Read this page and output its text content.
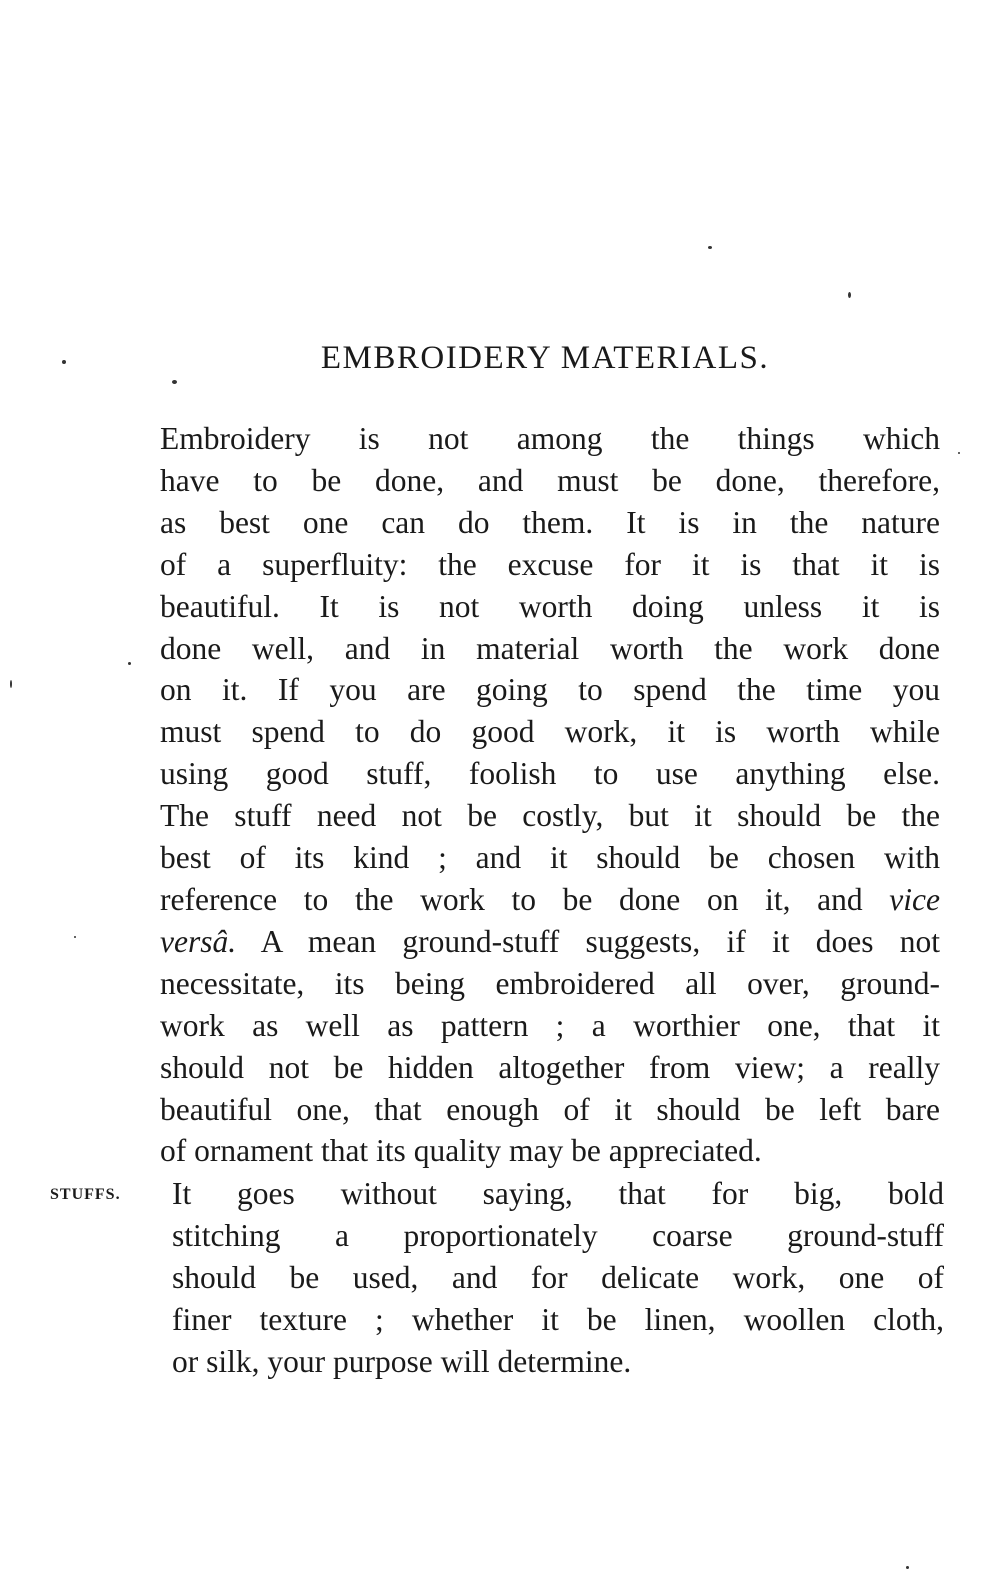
EMBROIDERY MATERIALS.
Embroidery is not among the things which
have to be done, and must be done, therefore,
as best one can do them. It is in the nature
of a superfluity: the excuse for it is that it is
beautiful. It is not worth doing unless it is
done well, and in material worth the work done
on it. If you are going to spend the time you
must spend to do good work, it is worth while
using good stuff, foolish to use anything else.
The stuff need not be costly, but it should be the
best of its kind ; and it should be chosen with
reference to the work to be done on it, and vice
versâ. A mean ground-stuff suggests, if it does not
necessitate, its being embroidered all over, ground-
work as well as pattern ; a worthier one, that it
should not be hidden altogether from view; a really
beautiful one, that enough of it should be left bare
of ornament that its quality may be appreciated.

STUFFS. It goes without saying, that for big, bold
stitching a proportionately coarse ground-stuff
should be used, and for delicate work, one of
finer texture ; whether it be linen, woollen cloth,
or silk, your purpose will determine.
